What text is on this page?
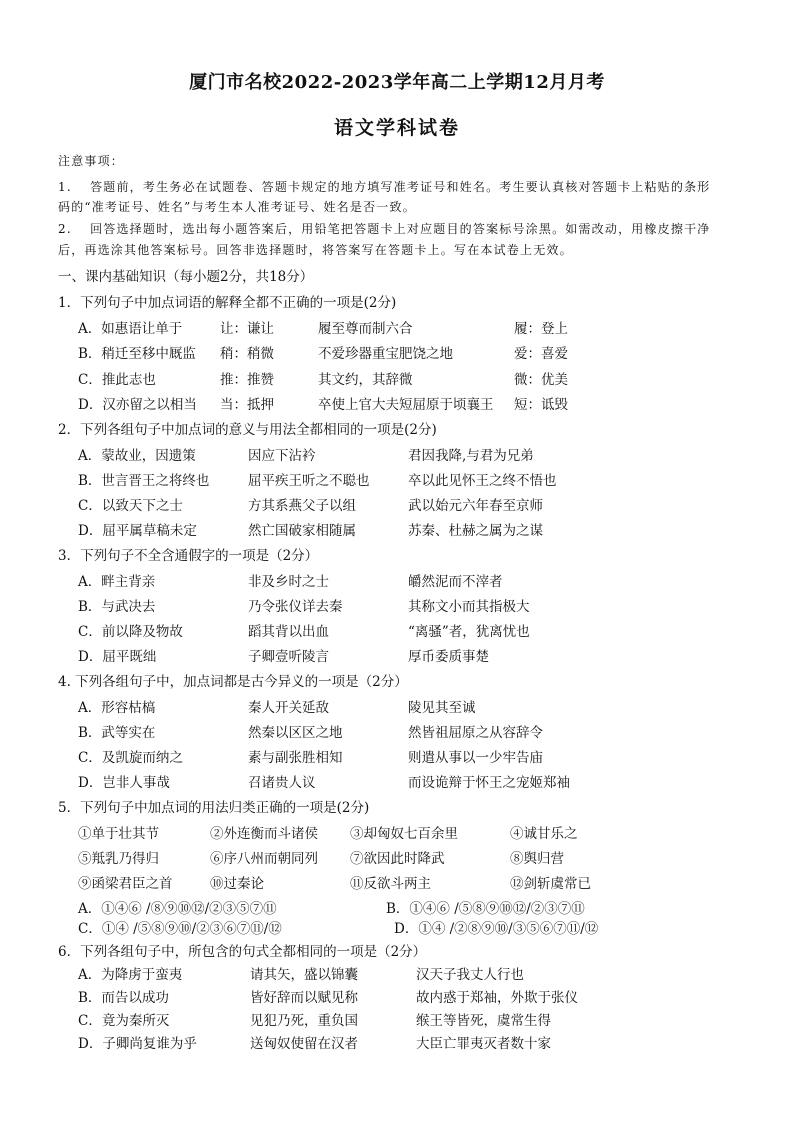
厦门市名校2022-2023学年高二上学期12月月考
语文学科试卷
注意事项：
1.　 答题前，考生务必在试题卷、答题卡规定的地方填写准考证号和姓名。考生要认真核对答题卡上粘贴的条形
码的“准考证号、姓名”与考生本人准考证号、姓名是否一致。
2.　 回答选择题时，选出每小题答案后，用铅笔把答题卡上对应题目的答案标号涂黑。如需改动，用橡皮擦干净
后，再选涂其他答案标号。回答非选择题时，将答案写在答题卡上。写在本试卷上无效。
一、课内基础知识（每小题2分，共18分）
1．下列句子中加点词语的解释全都不正确的一项是(2分)
A．如惠语让单于	让：谦让	履至尊而制六合	履：登上
B．稍迁至移中厩监 稍：稍微	不爱珍器重宝肥饶之地	爱：喜爱
C．推此志也	推：推赞	其文约，其辞微	微：优美
D．汉亦留之以相当 当：抵押	卒使上官大夫短屈原于顷襄王 短：诋毁
2．下列各组句子中加点词的意义与用法全都相同的一项是(2分)
A．蒙故业，因遗策	因应下沾衿	君因我降,与君为兄弟
B．世言晋王之将终也	屈平疾王听之不聪也	卒以此见怀王之终不悟也
C．以致天下之士	方其系燕父子以组	武以始元六年春至京师
D．屈平属草稿未定	然亡国破家相随属	苏秦、杜赫之属为之谋
3．下列句子不全含通假字的一项是（2分）
A．畔主背亲	非及乡时之士	皭然泥而不滓者
B．与武决去	乃令张仪详去秦	其称文小而其指极大
C．前以降及物故	蹈其背以出血	“离骚”者，犹离忧也
D．屈平既绌	子卿壹听陵言	厚币委质事楚
4. 下列各组句子中，加点词都是古今异义的一项是（2分）
A．形容枯槁	秦人开关延敌	陵见其至诚
B．武等实在	然秦以区区之地	然皆祖屈原之从容辞令
C．及凯旋而纳之	素与副张胜相知	则遣从事以一少牢告庙
D．岂非人事哉	召诸贵人议	而设诡辩于怀王之宠姬郑袖
5．下列句子中加点词的用法归类正确的一项是(2分)
①单于壮其节	②外连衡而斗诸侯 ③却匈奴七百余里	④诚甘乐之
⑤羝乳乃得归	⑥序八州而朝同列 ⑦欲因此时降武	⑧舆归营
⑨函梁君臣之首	⑩过秦论	⑪反欲斗两主	⑫剑斩虞常已
A．①④⑥ /⑧⑨⑩⑫/②③⑤⑦⑪	B．①④⑥ /⑤⑧⑨⑩⑫/②③⑦⑪
C．①④ /⑤⑧⑨⑩/②③⑥⑦⑪/⑫	D．①④ /②⑧⑨⑩/③⑤⑥⑦⑪/⑫
6．下列各组句子中，所包含的句式全都相同的一项是（2分）
A．为降虏于蛮夷	请其矢，盛以锦囊	汉天子我丈人行也
B．而告以成功	皆好辞而以赋见称	故内惑于郑袖，外欺于张仪
C．竟为秦所灭	见犯乃死，重负国	缑王等皆死，虞常生得
D．子卿尚复谁为乎	送匈奴使留在汉者	大臣亡罪夷灭者数十家
